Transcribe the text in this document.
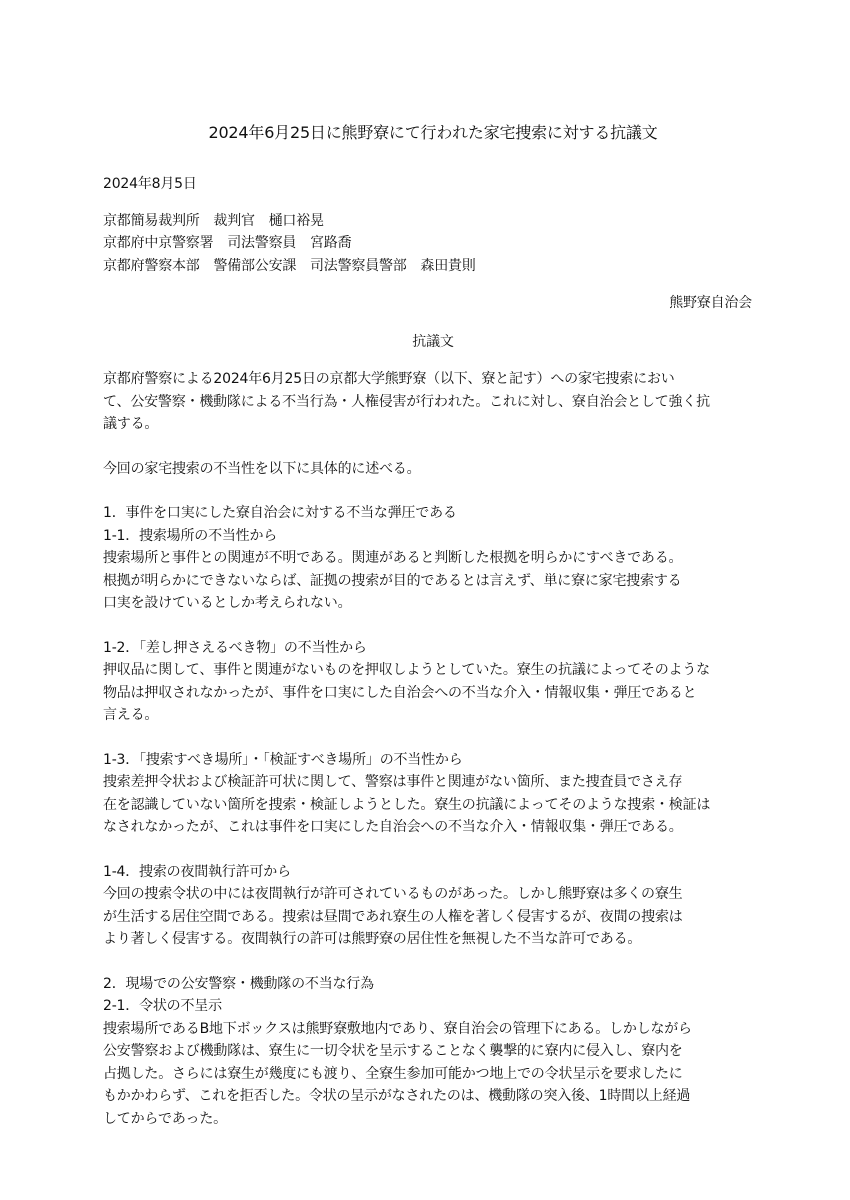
2024年6月25日に熊野寮にて行われた家宅捜索に対する抗議文
2024年8月5日
京都簡易裁判所　裁判官　樋口裕晃
京都府中京警察署　司法警察員　宮路喬
京都府警察本部　警備部公安課　司法警察員警部　森田貴則
熊野寮自治会
抗議文
京都府警察による2024年6月25日の京都大学熊野寮（以下、寮と記す）への家宅捜索におい
て、公安警察・機動隊による不当行為・人権侵害が行われた。これに対し、寮自治会として強く抗
議する。
今回の家宅捜索の不当性を以下に具体的に述べる。
1．事件を口実にした寮自治会に対する不当な弾圧である
1-1．捜索場所の不当性から
捜索場所と事件との関連が不明である。関連があると判断した根拠を明らかにすべきである。
根拠が明らかにできないならば、証拠の捜索が目的であるとは言えず、単に寮に家宅捜索する
口実を設けているとしか考えられない。
1-2．「差し押さえるべき物」の不当性から
押収品に関して、事件と関連がないものを押収しようとしていた。寮生の抗議によってそのような
物品は押収されなかったが、事件を口実にした自治会への不当な介入・情報収集・弾圧であると
言える。
1-3．「捜索すべき場所」・「検証すべき場所」の不当性から
捜索差押令状および検証許可状に関して、警察は事件と関連がない箇所、また捜査員でさえ存
在を認識していない箇所を捜索・検証しようとした。寮生の抗議によってそのような捜索・検証は
なされなかったが、これは事件を口実にした自治会への不当な介入・情報収集・弾圧である。
1-4．捜索の夜間執行許可から
今回の捜索令状の中には夜間執行が許可されているものがあった。しかし熊野寮は多くの寮生
が生活する居住空間である。捜索は昼間であれ寮生の人権を著しく侵害するが、夜間の捜索は
より著しく侵害する。夜間執行の許可は熊野寮の居住性を無視した不当な許可である。
2．現場での公安警察・機動隊の不当な行為
2-1．令状の不呈示
捜索場所であるB地下ボックスは熊野寮敷地内であり、寮自治会の管理下にある。しかしながら
公安警察および機動隊は、寮生に一切令状を呈示することなく襲撃的に寮内に侵入し、寮内を
占拠した。さらには寮生が幾度にも渡り、全寮生参加可能かつ地上での令状呈示を要求したに
もかかわらず、これを拒否した。令状の呈示がなされたのは、機動隊の突入後、1時間以上経過
してからであった。
